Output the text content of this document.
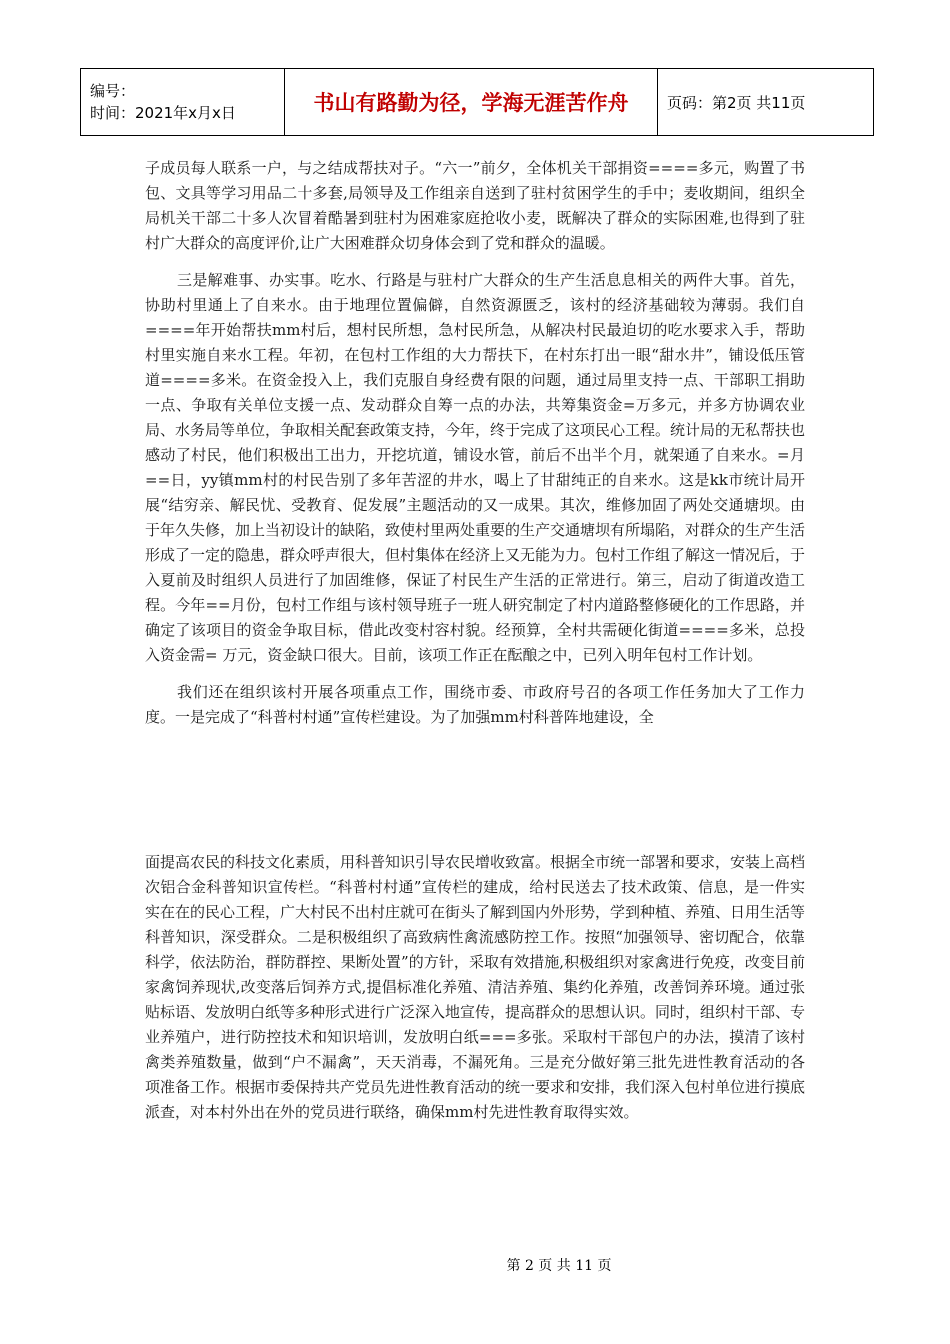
编号：
时间：2021年x月x日	书山有路勤为径，学海无涯苦作舟	页码：第2页 共11页

子成员每人联系一户，与之结成帮扶对子。“六一”前夕，全体机关干部捐资====多元，购置了书包、文具等学习用品二十多套,局领导及工作组亲自送到了驻村贫困学生的手中；麦收期间，组织全局机关干部二十多人次冒着酷暑到驻村为困难家庭抢收小麦，既解决了群众的实际困难,也得到了驻村广大群众的高度评价,让广大困难群众切身体会到了党和群众的温暖。

三是解难事、办实事。吃水、行路是与驻村广大群众的生产生活息息相关的两件大事。首先，协助村里通上了自来水。由于地理位置偏僻，自然资源匮乏，该村的经济基础较为薄弱。我们自====年开始帮扶mm村后，想村民所想，急村民所急，从解决村民最迫切的吃水要求入手，帮助村里实施自来水工程。年初，在包村工作组的大力帮扶下，在村东打出一眼“甜水井”，铺设低压管道====多米。在资金投入上，我们克服自身经费有限的问题，通过局里支持一点、干部职工捐助一点、争取有关单位支援一点、发动群众自筹一点的办法，共筹集资金=万多元，并多方协调农业局、水务局等单位，争取相关配套政策支持，今年，终于完成了这项民心工程。统计局的无私帮扶也感动了村民，他们积极出工出力，开挖坑道，铺设水管，前后不出半个月，就架通了自来水。=月==日，yy镇mm村的村民告别了多年苦涩的井水，喝上了甘甜纯正的自来水。这是kk市统计局开展“结穷亲、解民忧、受教育、促发展”主题活动的又一成果。其次，维修加固了两处交通塘坝。由于年久失修，加上当初设计的缺陷，致使村里两处重要的生产交通塘坝有所塌陷，对群众的生产生活形成了一定的隐患，群众呼声很大，但村集体在经济上又无能为力。包村工作组了解这一情况后，于入夏前及时组织人员进行了加固维修，保证了村民生产生活的正常进行。第三，启动了街道改造工程。今年==月份，包村工作组与该村领导班子一班人研究制定了村内道路整修硬化的工作思路，并确定了该项目的资金争取目标，借此改变村容村貌。经预算，全村共需硬化街道====多米，总投入资金需= 万元，资金缺口很大。目前，该项工作正在酝酿之中，已列入明年包村工作计划。

我们还在组织该村开展各项重点工作，围绕市委、市政府号召的各项工作任务加大了工作力度。一是完成了“科普村村通”宣传栏建设。为了加强mm村科普阵地建设，全

面提高农民的科技文化素质，用科普知识引导农民增收致富。根据全市统一部署和要求，安装上高档次铝合金科普知识宣传栏。“科普村村通”宣传栏的建成，给村民送去了技术政策、信息，是一件实实在在的民心工程，广大村民不出村庄就可在街头了解到国内外形势，学到种植、养殖、日用生活等科普知识，深受群众。二是积极组织了高致病性禽流感防控工作。按照“加强领导、密切配合，依靠科学，依法防治，群防群控、果断处置”的方针，采取有效措施,积极组织对家禽进行免疫，改变目前家禽饲养现状,改变落后饲养方式,提倡标准化养殖、清洁养殖、集约化养殖，改善饲养环境。通过张贴标语、发放明白纸等多种形式进行广泛深入地宣传，提高群众的思想认识。同时，组织村干部、专业养殖户，进行防控技术和知识培训，发放明白纸===多张。采取村干部包户的办法，摸清了该村禽类养殖数量，做到“户不漏禽”，天天消毒，不漏死角。三是充分做好第三批先进性教育活动的各项准备工作。根据市委保持共产党员先进性教育活动的统一要求和安排，我们深入包村单位进行摸底派查，对本村外出在外的党员进行联络，确保mm村先进性教育取得实效。

第 2 页 共 11 页
